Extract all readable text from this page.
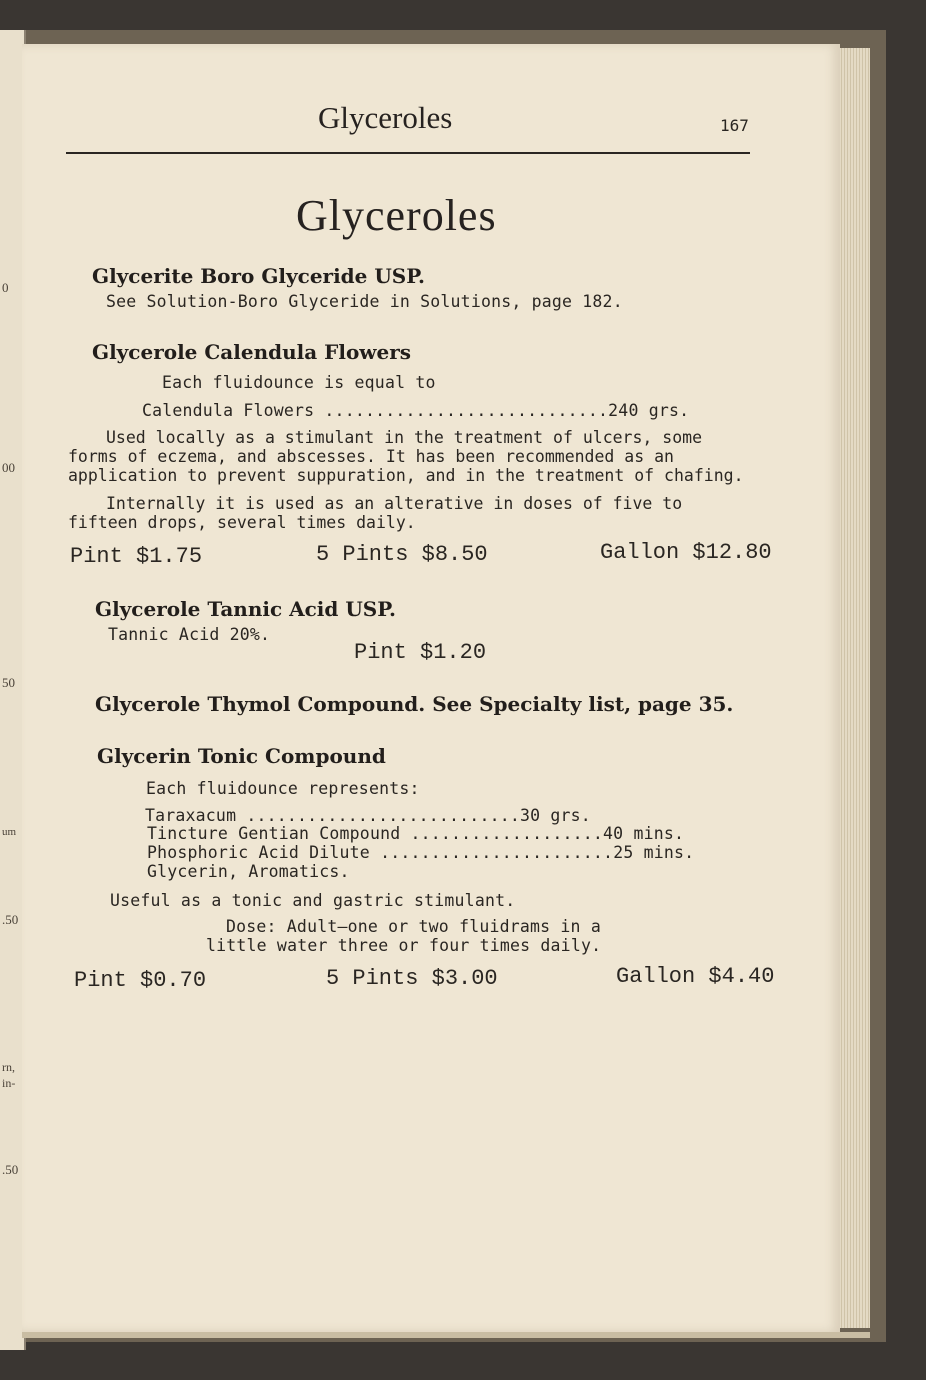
0
00
50
um
.50
rn,
in-
.50
Glyceroles	167
Glyceroles
Glycerite Boro Glyceride USP.
See Solution-Boro Glyceride in Solutions, page 182.
Glycerole Calendula Flowers
Each fluidounce is equal to
Calendula Flowers ............................240 grs.
Used locally as a stimulant in the treatment of ulcers, some forms of eczema, and abscesses. It has been recommended as an application to prevent suppuration, and in the treatment of chafing.
Internally it is used as an alterative in doses of five to fifteen drops, several times daily.
Pint $1.75	5 Pints $8.50	Gallon $12.80
Glycerole Tannic Acid USP.
Tannic Acid 20%.
Pint $1.20
Glycerole Thymol Compound. See Specialty list, page 35.
Glycerin Tonic Compound
Each fluidounce represents:
Taraxacum ...........................30 grs.
Tincture Gentian Compound ...................40 mins.
Phosphoric Acid Dilute .......................25 mins.
Glycerin, Aromatics.
Useful as a tonic and gastric stimulant.
Dose: Adult—one or two fluidrams in a
little water three or four times daily.
Pint $0.70	5 Pints $3.00	Gallon $4.40
